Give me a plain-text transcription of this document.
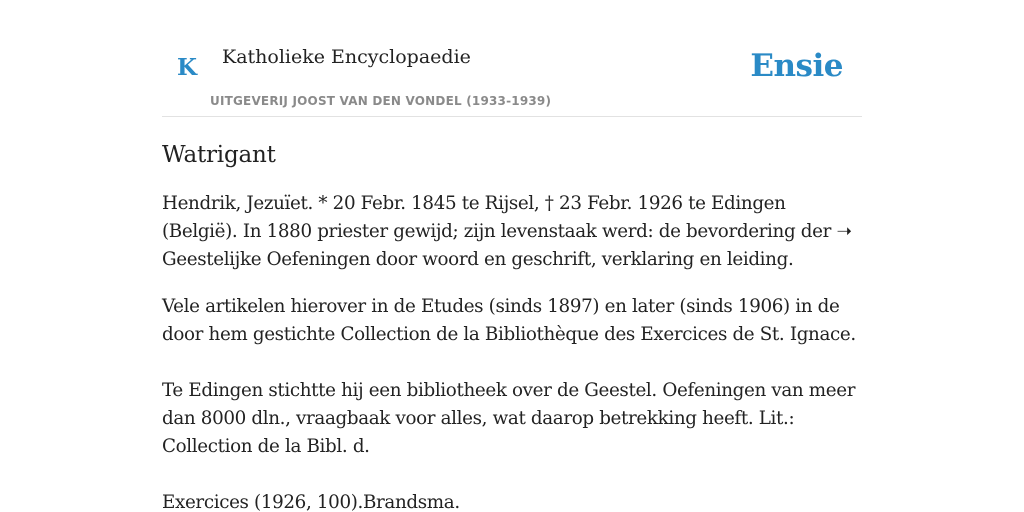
K Katholieke Encyclopaedie
UITGEVERIJ JOOST VAN DEN VONDEL (1933-1939)
Ensie
Watrigant

Hendrik, Jezuïet. * 20 Febr. 1845 te Rijsel, † 23 Febr. 1926 te Edingen (België). In 1880 priester gewijd; zijn levenstaak werd: de bevordering der ➝ Geestelijke Oefeningen door woord en geschrift, verklaring en leiding.

Vele artikelen hierover in de Etudes (sinds 1897) en later (sinds 1906) in de door hem gestichte Collection de la Bibliothèque des Exercices de St. Ignace.

Te Edingen stichtte hij een bibliotheek over de Geestel. Oefeningen van meer dan 8000 dln., vraagbaak voor alles, wat daarop betrekking heeft. Lit.: Collection de la Bibl. d.

Exercices (1926, 100).Brandsma.
